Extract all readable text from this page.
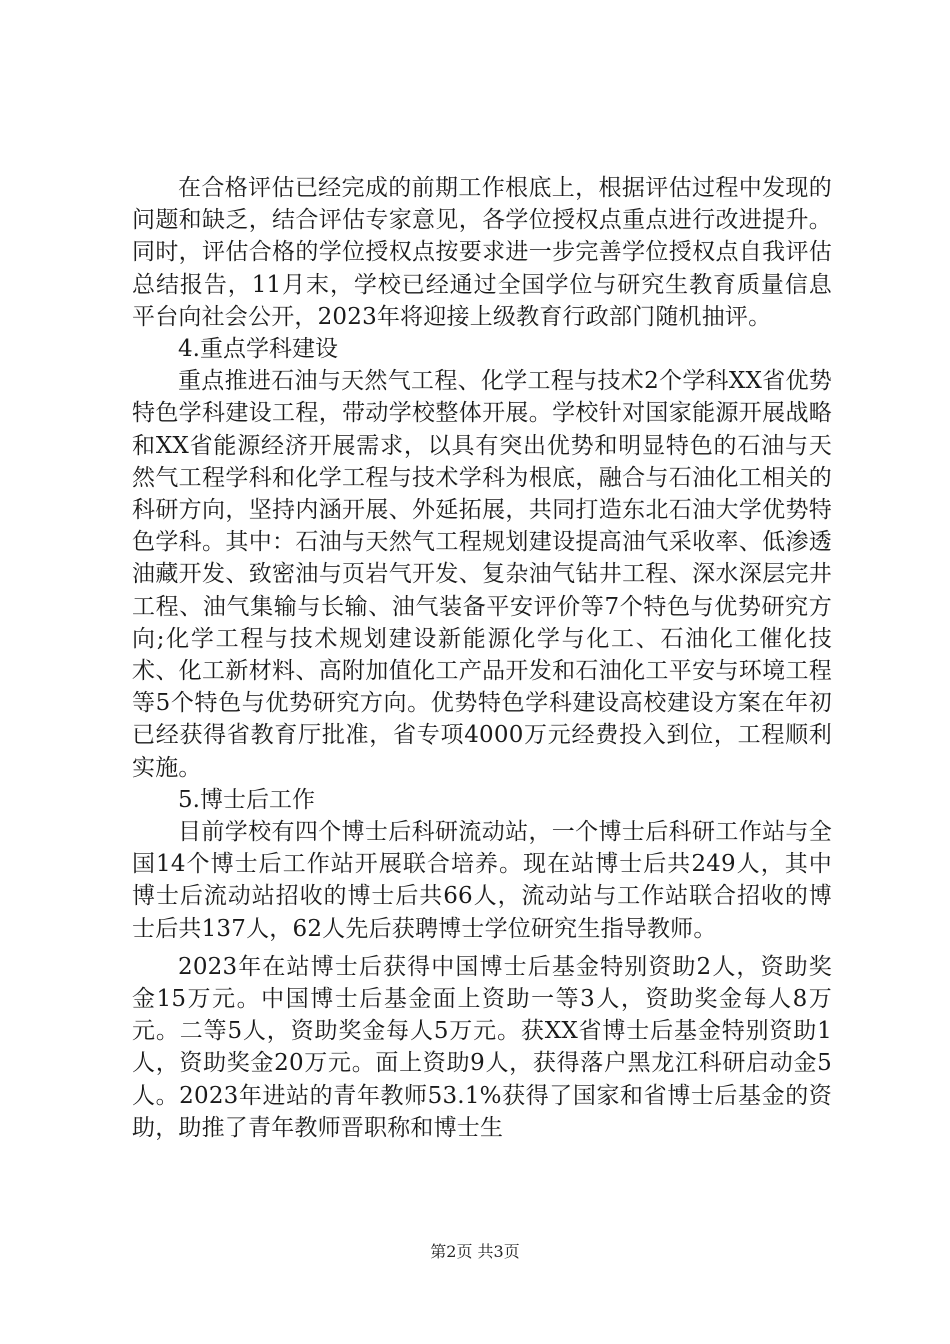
在合格评估已经完成的前期工作根底上，根据评估过程中发现的问题和缺乏，结合评估专家意见，各学位授权点重点进行改进提升。同时，评估合格的学位授权点按要求进一步完善学位授权点自我评估总结报告，11月末，学校已经通过全国学位与研究生教育质量信息平台向社会公开，2023年将迎接上级教育行政部门随机抽评。

4.重点学科建设

重点推进石油与天然气工程、化学工程与技术2个学科XX省优势特色学科建设工程，带动学校整体开展。学校针对国家能源开展战略和XX省能源经济开展需求，以具有突出优势和明显特色的石油与天然气工程学科和化学工程与技术学科为根底，融合与石油化工相关的科研方向，坚持内涵开展、外延拓展，共同打造东北石油大学优势特色学科。其中：石油与天然气工程规划建设提高油气采收率、低渗透油藏开发、致密油与页岩气开发、复杂油气钻井工程、深水深层完井工程、油气集输与长输、油气装备平安评价等7个特色与优势研究方向;化学工程与技术规划建设新能源化学与化工、石油化工催化技术、化工新材料、高附加值化工产品开发和石油化工平安与环境工程等5个特色与优势研究方向。优势特色学科建设高校建设方案在年初已经获得省教育厅批准，省专项4000万元经费投入到位，工程顺利实施。

5.博士后工作

目前学校有四个博士后科研流动站，一个博士后科研工作站与全国14个博士后工作站开展联合培养。现在站博士后共249人，其中博士后流动站招收的博士后共66人，流动站与工作站联合招收的博士后共137人，62人先后获聘博士学位研究生指导教师。

2023年在站博士后获得中国博士后基金特别资助2人，资助奖金15万元。中国博士后基金面上资助一等3人，资助奖金每人8万元。二等5人，资助奖金每人5万元。获XX省博士后基金特别资助1人，资助奖金20万元。面上资助9人，获得落户黑龙江科研启动金5人。2023年进站的青年教师53.1%获得了国家和省博士后基金的资助，助推了青年教师晋职称和博士生

第2页 共3页
